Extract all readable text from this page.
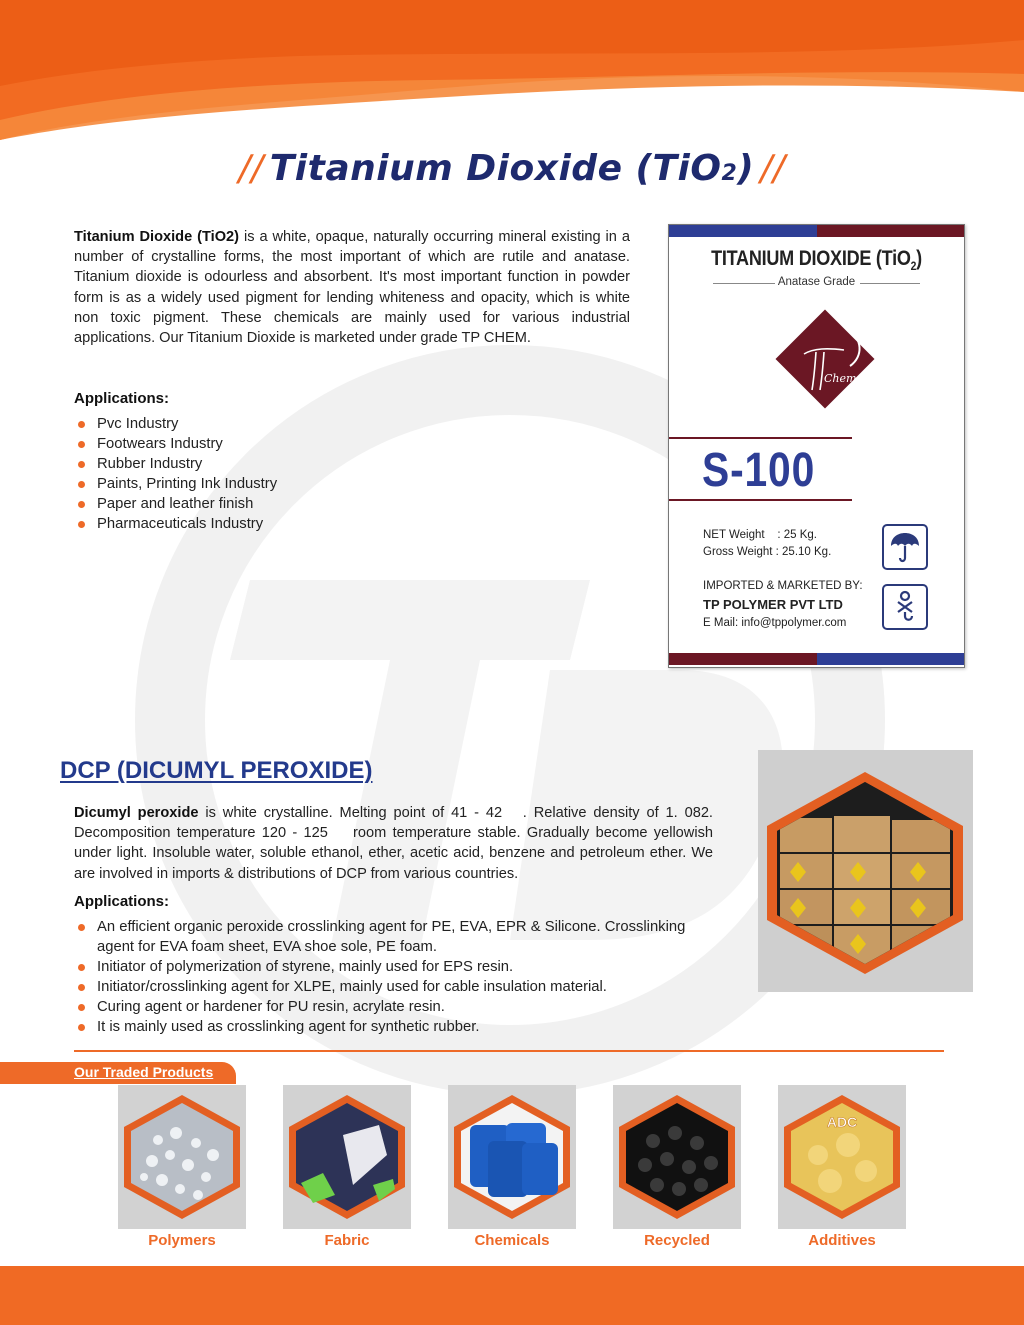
// Titanium Dioxide (TiO2) //
Titanium Dioxide (TiO2) is a white, opaque, naturally occurring mineral existing in a number of crystalline forms, the most important of which are rutile and anatase. Titanium dioxide is odourless and absorbent. It's most important function in powder form is as a widely used pigment for lending whiteness and opacity, which is white non toxic pigment. These chemicals are mainly used for various industrial applications. Our Titanium Dioxide is marketed under grade TP CHEM.
Applications:
Pvc Industry
Footwears Industry
Rubber Industry
Paints, Printing Ink Industry
Paper and leather finish
Pharmaceuticals Industry
TITANIUM DIOXIDE (TiO$_2$)
Anatase Grade
Chem
S-100
NET Weight    : 25 Kg.
Gross Weight : 25.10 Kg.
IMPORTED & MARKETED BY:
TP POLYMER PVT LTD
E Mail: info@tppolymer.com
DCP (DICUMYL PEROXIDE)
Dicumyl peroxide is white crystalline. Melting point of 41 - 42   . Relative density of 1. 082. Decomposition temperature 120 - 125    room temperature stable. Gradually become yellowish under light. Insoluble water, soluble ethanol, ether, acetic acid, benzene and petroleum ether. We are involved in imports & distributions of DCP from various countries.
Applications:
An efficient organic peroxide crosslinking agent for PE, EVA, EPR & Silicone. Crosslinking agent for EVA foam sheet, EVA shoe sole, PE foam.
Initiator of polymerization of styrene, mainly used for EPS resin.
Initiator/crosslinking agent for XLPE, mainly used for cable insulation material.
Curing agent or hardener for PU resin, acrylate resin.
It is mainly used as crosslinking agent for synthetic rubber.
Our Traded Products
ADC
Polymers	Fabric	Chemicals	Recycled	Additives
